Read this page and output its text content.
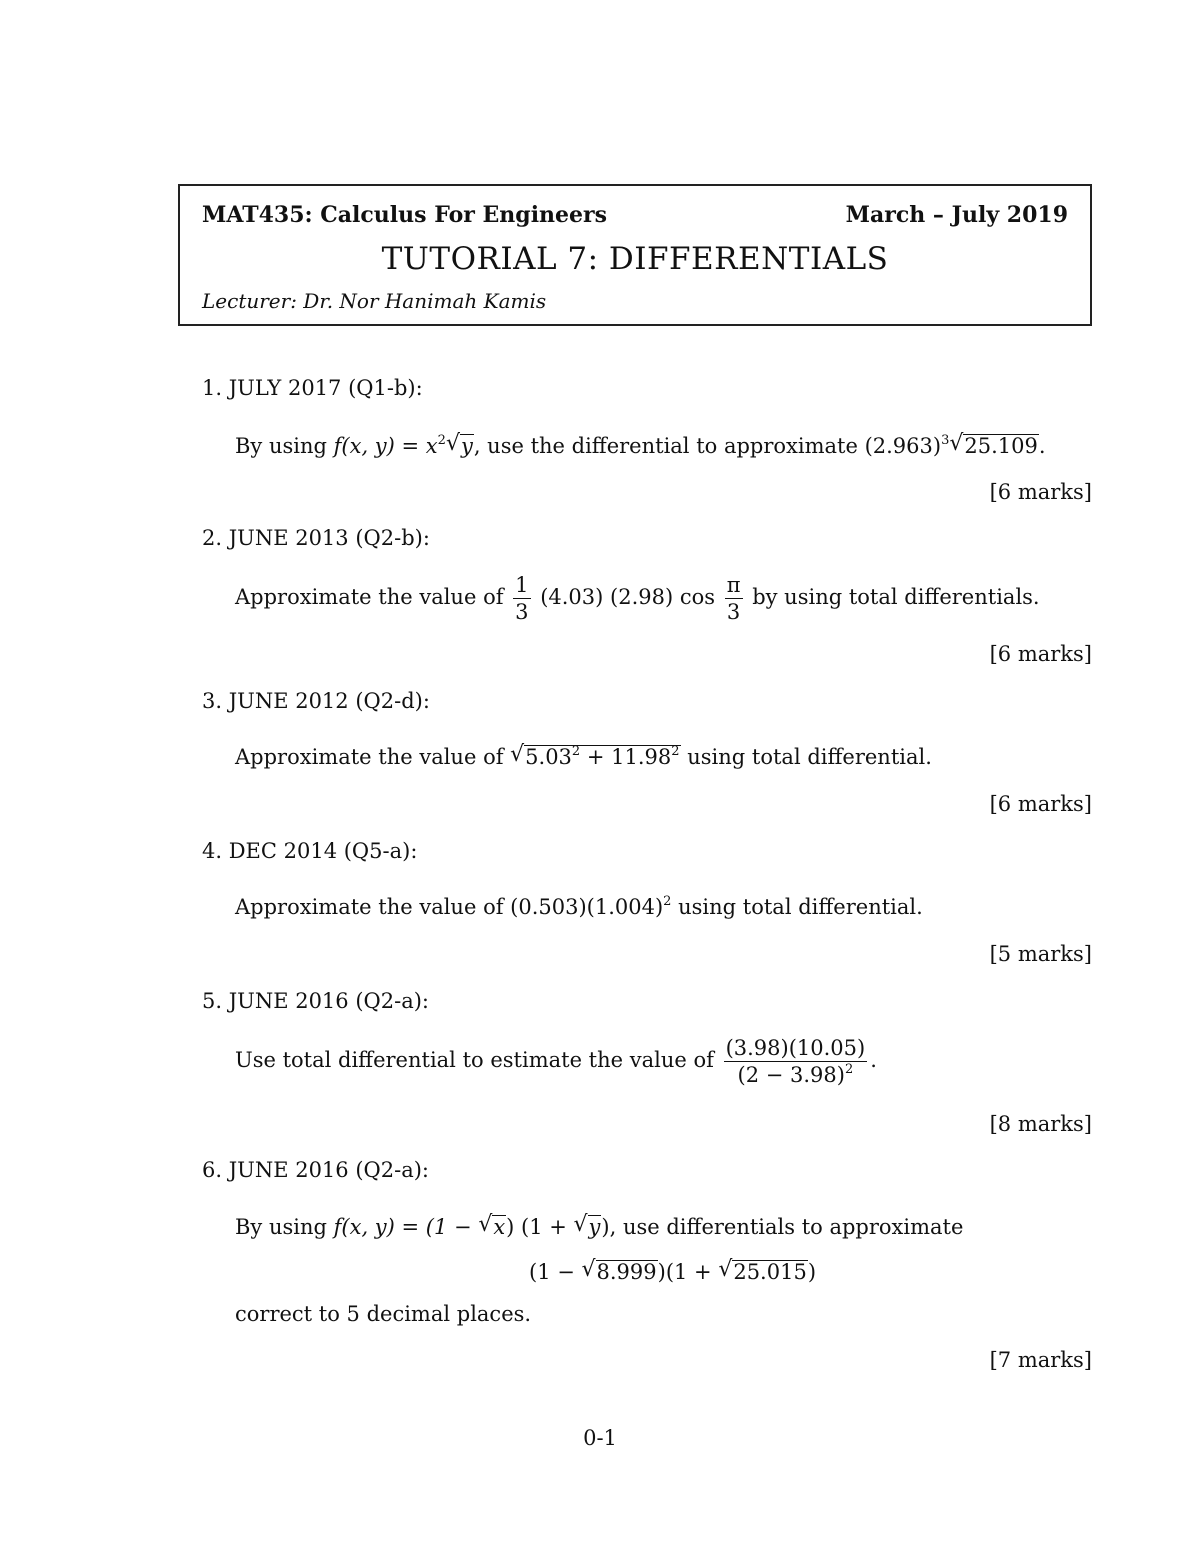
MAT435: Calculus For Engineers	March – July 2019
TUTORIAL 7: DIFFERENTIALS
Lecturer: Dr. Nor Hanimah Kamis
1. JULY 2017 (Q1-b):
By using f(x, $y) = x^2√$ y, use the differential to approximate $(2.963)^3√$ 25.109.
[6 marks]
2. JUNE 2013 (Q2-b):
Approximate the value of $\frac{1}{3} (4.03)$ (2.98) $\cos \frac{\pi}{3}$ by using total differentials.
[6 marks]
3. JUNE 2012 (Q2-d):
Approximate the value of √ $5.03^2 + 11.98^2$ using total differential.
[6 marks]
4. DEC 2014 (Q5-a):
Approximate the value of $(0.503)(1.004)^2$ using total differential.
[5 marks]
5. JUNE 2016 (Q2-a):
Use total differential to estimate the value of $\frac{(3.98)(10.05)}{(2 - 3.98)^2}$ .
[8 marks]
6. JUNE 2016 (Q2-a):
By using f(x, y) = (1 − √ x) (1 + √ y), use differentials to approximate
(1 − √ 8.999)(1 + √ 25.015)
correct to 5 decimal places.
[7 marks]
0-1
